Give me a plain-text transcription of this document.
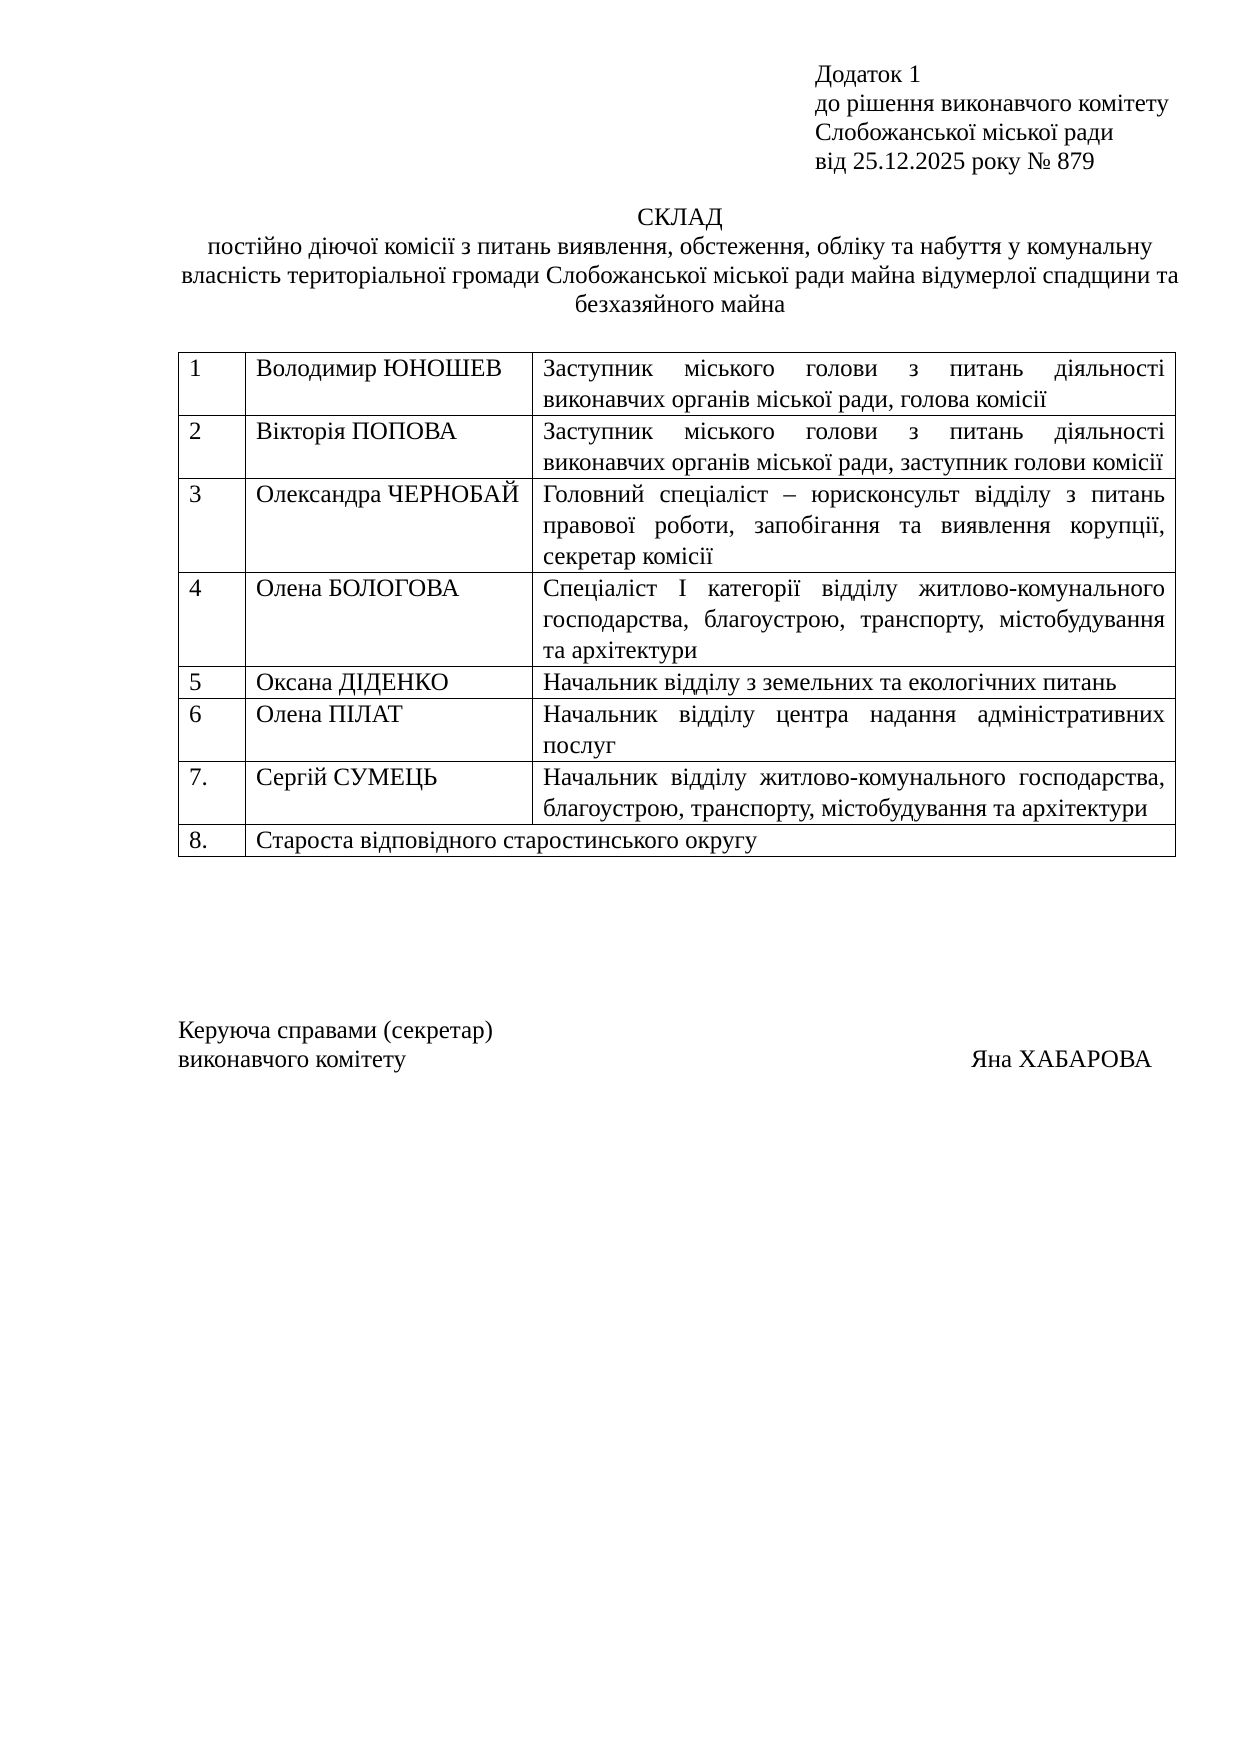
Додаток 1
до рішення виконавчого комітету
Слобожанської міської ради
від 25.12.2025 року № 879
СКЛАД
постійно діючої комісії з питань виявлення, обстеження, обліку та набуття у комунальну власність територіальної громади Слобожанської міської ради майна відумерлої спадщини та безхазяйного майна
1	Володимир ЮНОШЕВ	Заступник міського голови з питань діяльності виконавчих органів міської ради, голова комісії
2	Вікторія ПОПОВА	Заступник міського голови з питань діяльності виконавчих органів міської ради, заступник голови комісії
3	Олександра ЧЕРНОБАЙ	Головний спеціаліст – юрисконсульт відділу з питань правової роботи, запобігання та виявлення корупції, секретар комісії
4	Олена БОЛОГОВА	Спеціаліст I категорії відділу житлово-комунального господарства, благоустрою, транспорту, містобудування та архітектури
5	Оксана ДІДЕНКО	Начальник відділу з земельних та екологічних питань
6	Олена ПІЛАТ	Начальник відділу центра надання адміністративних послуг
7.	Сергій СУМЕЦЬ	Начальник відділу житлово-комунального господарства, благоустрою, транспорту, містобудування та архітектури
8.	Староста відповідного старостинського округу	
Керуюча справами (секретар)
виконавчого комітету	Яна ХАБАРОВА
